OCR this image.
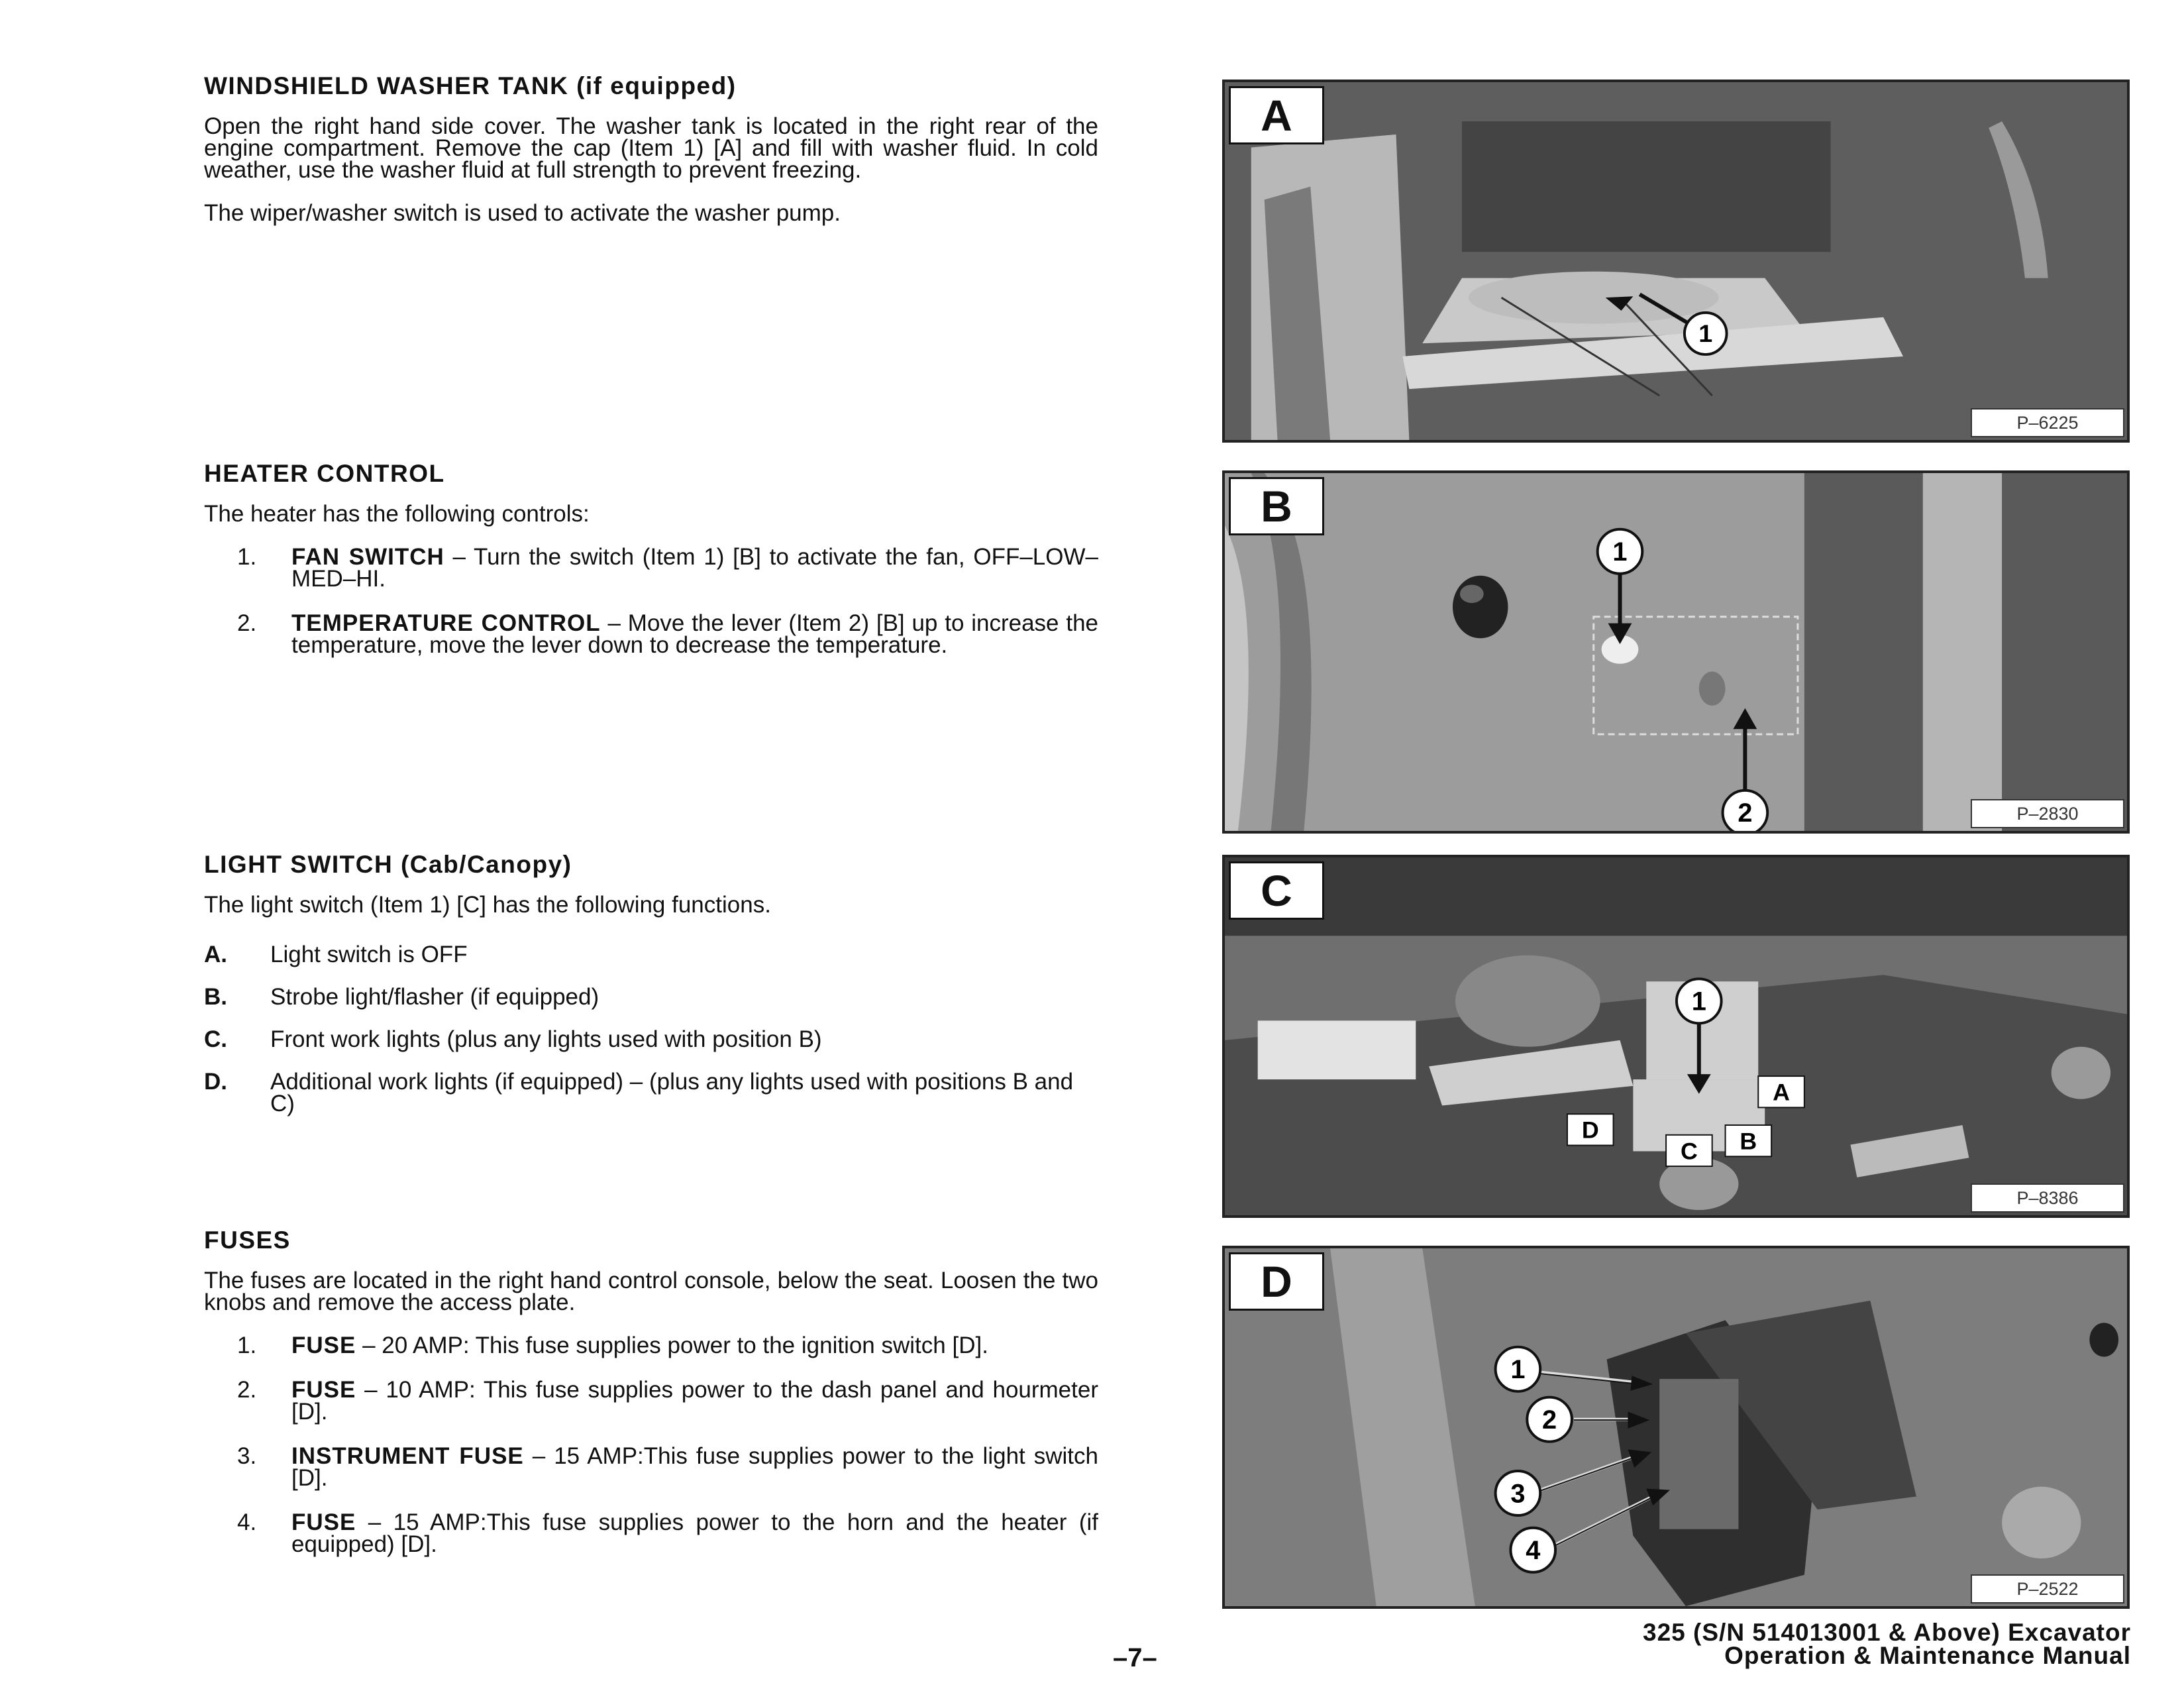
WINDSHIELD WASHER TANK (if equipped)
Open the right hand side cover. The washer tank is located in the right rear of the engine compartment. Remove the cap (Item 1) [A] and fill with washer fluid. In cold weather, use the washer fluid at full strength to prevent freezing.
The wiper/washer switch is used to activate the washer pump.
HEATER CONTROL
The heater has the following controls:
1. FAN SWITCH – Turn the switch (Item 1) [B] to activate the fan, OFF–LOW–MED–HI.
2. TEMPERATURE CONTROL – Move the lever (Item 2) [B] up to increase the temperature, move the lever down to decrease the temperature.
LIGHT SWITCH (Cab/Canopy)
The light switch (Item 1) [C] has the following functions.
A. Light switch is OFF
B. Strobe light/flasher (if equipped)
C. Front work lights (plus any lights used with position B)
D. Additional work lights (if equipped) – (plus any lights used with positions B and C)
FUSES
The fuses are located in the right hand control console, below the seat. Loosen the two knobs and remove the access plate.
1. FUSE – 20 AMP: This fuse supplies power to the ignition switch [D].
2. FUSE – 10 AMP: This fuse supplies power to the dash panel and hourmeter [D].
3. INSTRUMENT FUSE – 15 AMP:This fuse supplies power to the light switch [D].
4. FUSE – 15 AMP:This fuse supplies power to the horn and the heater (if equipped) [D].
1
A
P–6225
1
2
B
P–2830
1
A
B
C
D
C
P–8386
1
2
3
4
D
P–2522
–7–
325 (S/N 514013001 & Above) Excavator
Operation & Maintenance Manual
